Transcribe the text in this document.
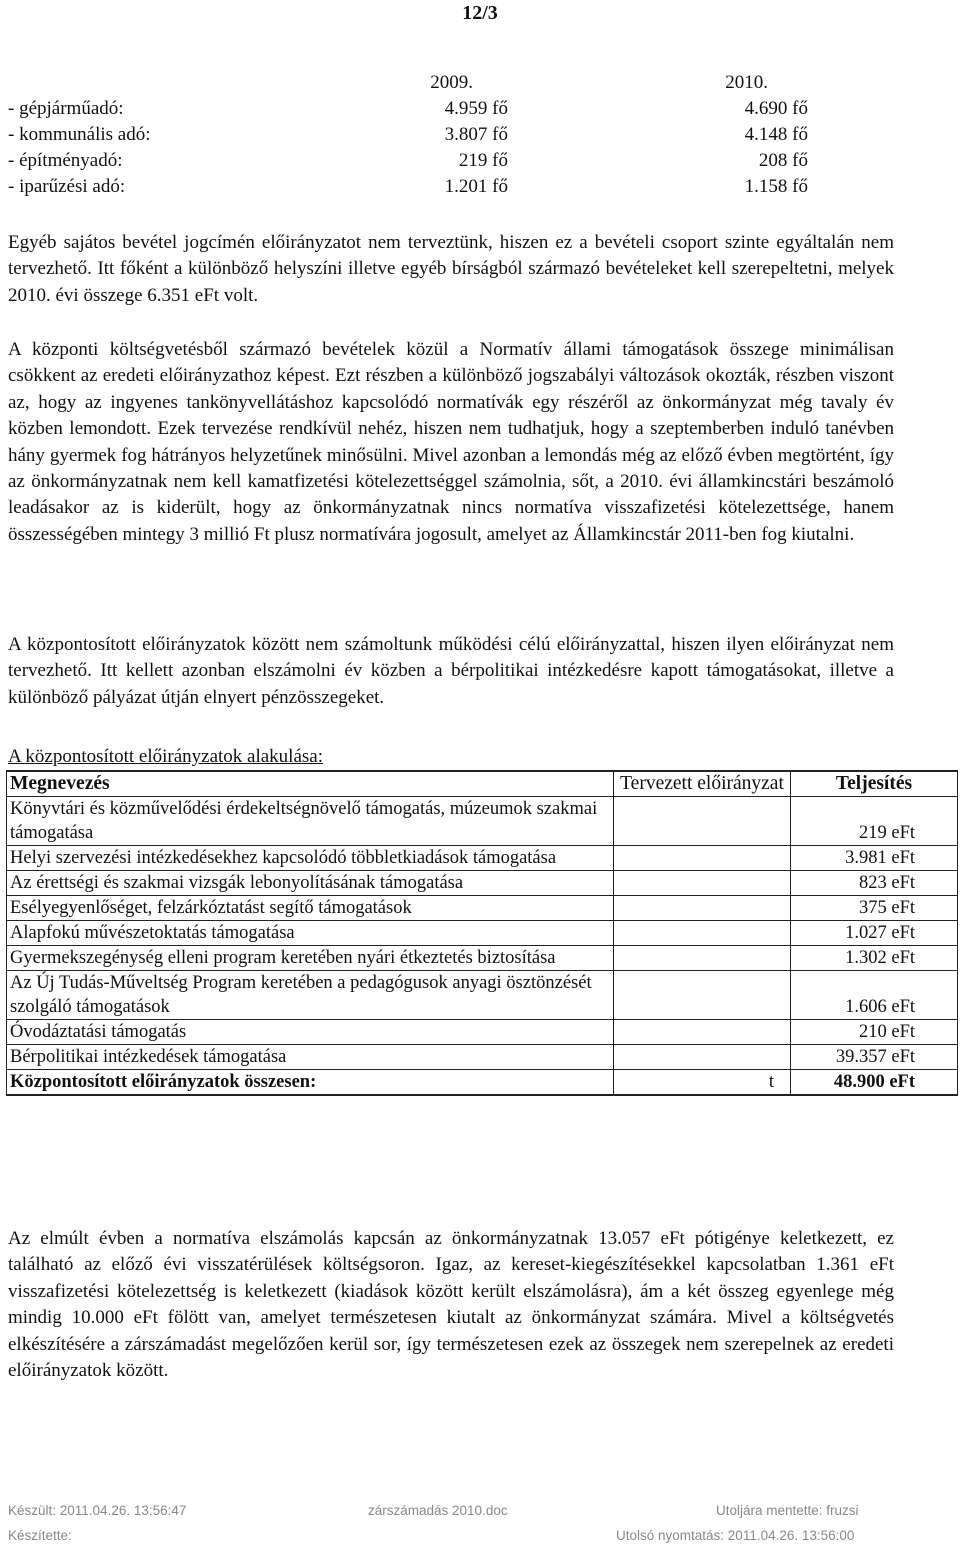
12/3
2009.	2010.
- gépjárműadó:	4.959 fő	4.690 fő
- kommunális adó:	3.807 fő	4.148 fő
- építményadó:	219 fő	208 fő
- iparűzési adó:	1.201 fő	1.158 fő

Egyéb sajátos bevétel jogcímén előirányzatot nem terveztünk, hiszen ez a bevételi csoport szinte egyáltalán nem tervezhető. Itt főként a különböző helyszíni illetve egyéb bírságból származó bevételeket kell szerepeltetni, melyek 2010. évi összege 6.351 eFt volt.

A központi költségvetésből származó bevételek közül a Normatív állami támogatások összege minimálisan csökkent az eredeti előirányzathoz képest. Ezt részben a különböző jogszabályi változások okozták, részben viszont az, hogy az ingyenes tankönyvellátáshoz kapcsolódó normatívák egy részéről az önkormányzat még tavaly év közben lemondott. Ezek tervezése rendkívül nehéz, hiszen nem tudhatjuk, hogy a szeptemberben induló tanévben hány gyermek fog hátrányos helyzetűnek minősülni. Mivel azonban a lemondás még az előző évben megtörtént, így az önkormányzatnak nem kell kamatfizetési kötelezettséggel számolnia, sőt, a 2010. évi államkincstári beszámoló leadásakor az is kiderült, hogy az önkormányzatnak nincs normatíva visszafizetési kötelezettsége, hanem összességében mintegy 3 millió Ft plusz normatívára jogosult, amelyet az Államkincstár 2011-ben fog kiutalni.

A központosított előirányzatok között nem számoltunk működési célú előirányzattal, hiszen ilyen előirányzat nem tervezhető. Itt kellett azonban elszámolni év közben a bérpolitikai intézkedésre kapott támogatásokat, illetve a különböző pályázat útján elnyert pénzösszegeket.

A központosított előirányzatok alakulása:

Megnevezés	Tervezett előirányzat	Teljesítés
Könyvtári és közművelődési érdekeltségnövelő támogatás, múzeumok szakmai támogatása		219 eFt
Helyi szervezési intézkedésekhez kapcsolódó többletkiadások támogatása		3.981 eFt
Az érettségi és szakmai vizsgák lebonyolításának támogatása		823 eFt
Esélyegyenlőséget, felzárkóztatást segítő támogatások		375 eFt
Alapfokú művészetoktatás támogatása		1.027 eFt
Gyermekszegénység elleni program keretében nyári étkeztetés biztosítása		1.302 eFt
Az Új Tudás-Műveltség Program keretében a pedagógusok anyagi ösztönzését szolgáló támogatások		1.606 eFt
Óvodáztatási támogatás		210 eFt
Bérpolitikai intézkedések támogatása		39.357 eFt
Központosított előirányzatok összesen:	t	48.900 eFt

Az elmúlt évben a normatíva elszámolás kapcsán az önkormányzatnak 13.057 eFt pótigénye keletkezett, ez található az előző évi visszatérülések költségsoron. Igaz, az kereset-kiegészítésekkel kapcsolatban 1.361 eFt visszafizetési kötelezettség is keletkezett (kiadások között került elszámolásra), ám a két összeg egyenlege még mindig 10.000 eFt fölött van, amelyet természetesen kiutalt az önkormányzat számára. Mivel a költségvetés elkészítésére a zárszámadást megelőzően kerül sor, így természetesen ezek az összegek nem szerepelnek az eredeti előirányzatok között.

Készült: 2011.04.26. 13:56:47	zárszámadás 2010.doc	Utoljára mentette: fruzsi
Készítette:	Utolsó nyomtatás: 2011.04.26. 13:56:00
